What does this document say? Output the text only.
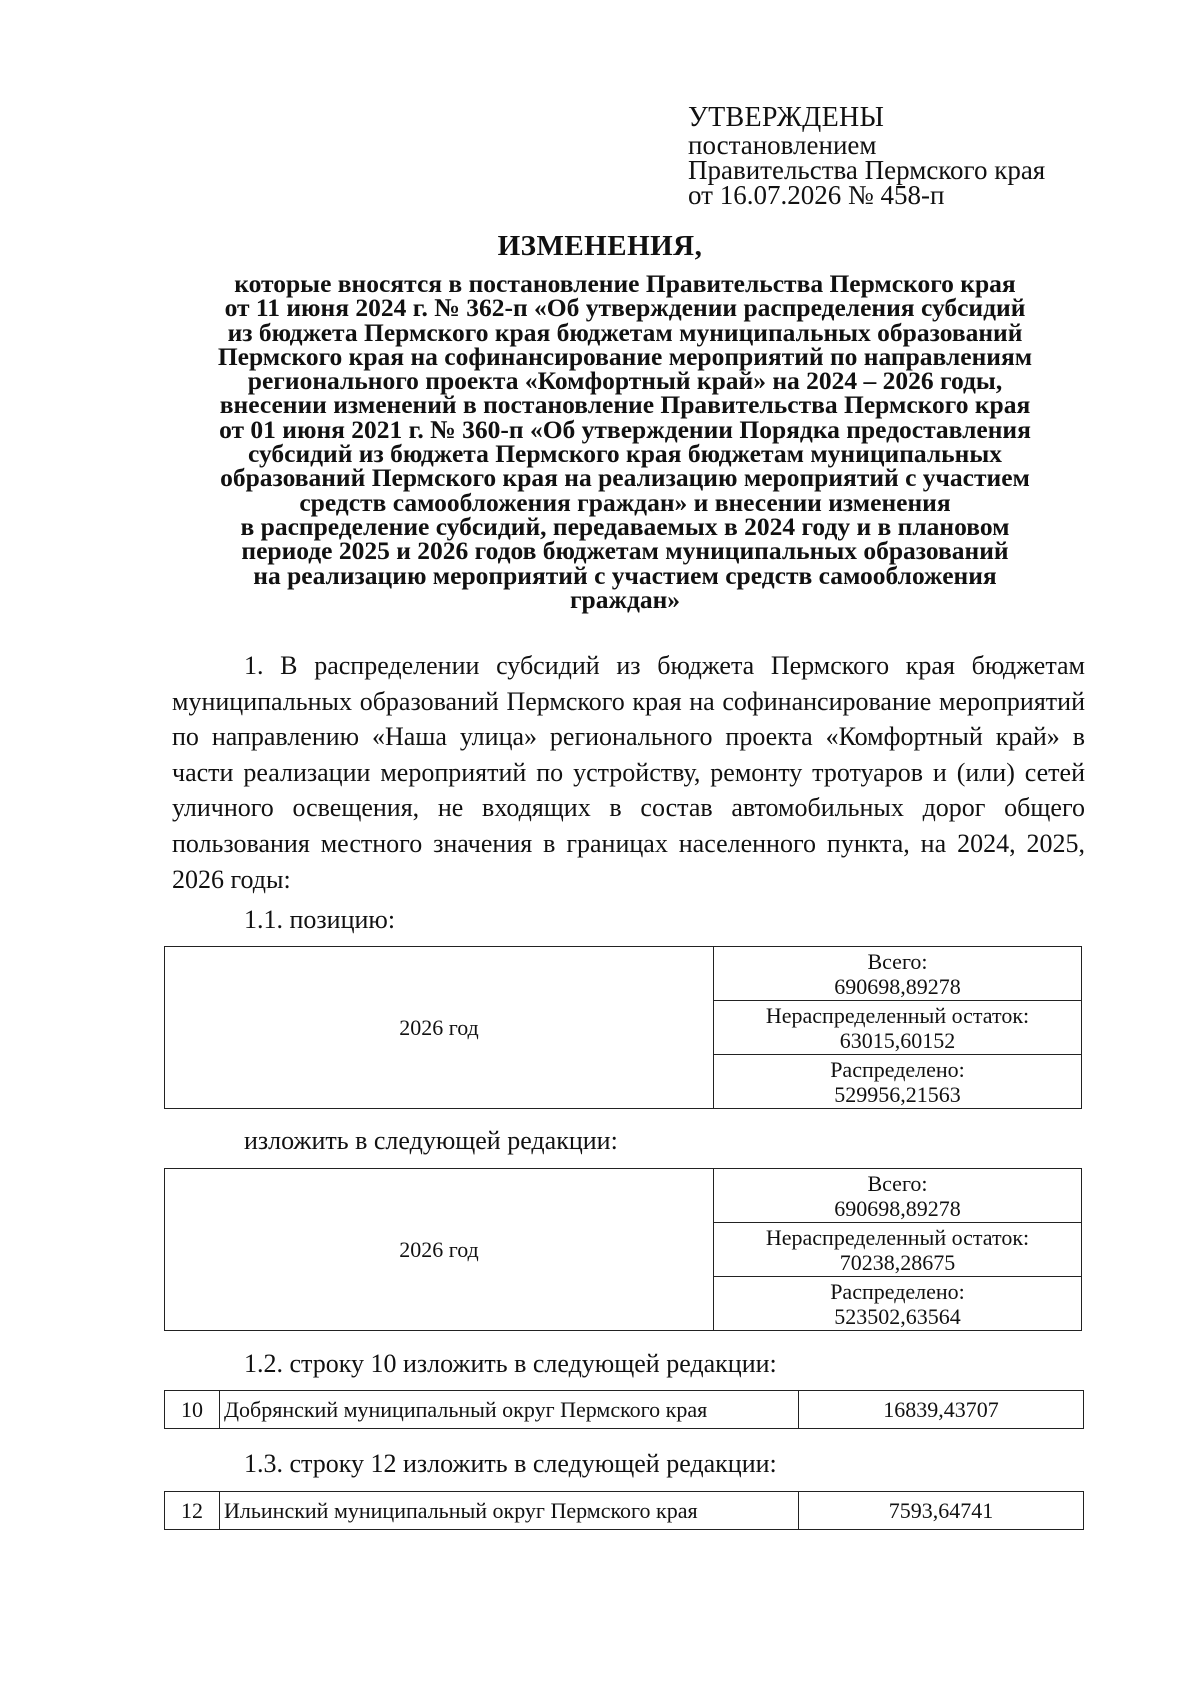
УТВЕРЖДЕНЫ
постановлением
Правительства Пермского края
от 16.07.2026 № 458-п
ИЗМЕНЕНИЯ,
которые вносятся в постановление Правительства Пермского края
от 11 июня 2024 г. № 362-п «Об утверждении распределения субсидий
из бюджета Пермского края бюджетам муниципальных образований
Пермского края на софинансирование мероприятий по направлениям
регионального проекта «Комфортный край» на 2024 – 2026 годы,
внесении изменений в постановление Правительства Пермского края
от 01 июня 2021 г. № 360-п «Об утверждении Порядка предоставления
субсидий из бюджета Пермского края бюджетам муниципальных
образований Пермского края на реализацию мероприятий с участием
средств самообложения граждан» и внесении изменения
в распределение субсидий, передаваемых в 2024 году и в плановом
периоде 2025 и 2026 годов бюджетам муниципальных образований
на реализацию мероприятий с участием средств самообложения
граждан»
1. В распределении субсидий из бюджета Пермского края бюджетам муниципальных образований Пермского края на софинансирование мероприятий по направлению «Наша улица» регионального проекта «Комфортный край» в части реализации мероприятий по устройству, ремонту тротуаров и (или) сетей уличного освещения, не входящих в состав автомобильных дорог общего пользования местного значения в границах населенного пункта, на 2024, 2025, 2026 годы:
1.1. позицию:
2026 год	
Всего:
690698,89278

Нераспределенный остаток:
63015,60152

Распределено:
529956,21563
изложить в следующей редакции:
2026 год	
Всего:
690698,89278

Нераспределенный остаток:
70238,28675

Распределено:
523502,63564
1.2. строку 10 изложить в следующей редакции:
10	Добрянский муниципальный округ Пермского края	16839,43707
1.3. строку 12 изложить в следующей редакции:
12	Ильинский муниципальный округ Пермского края	7593,64741
